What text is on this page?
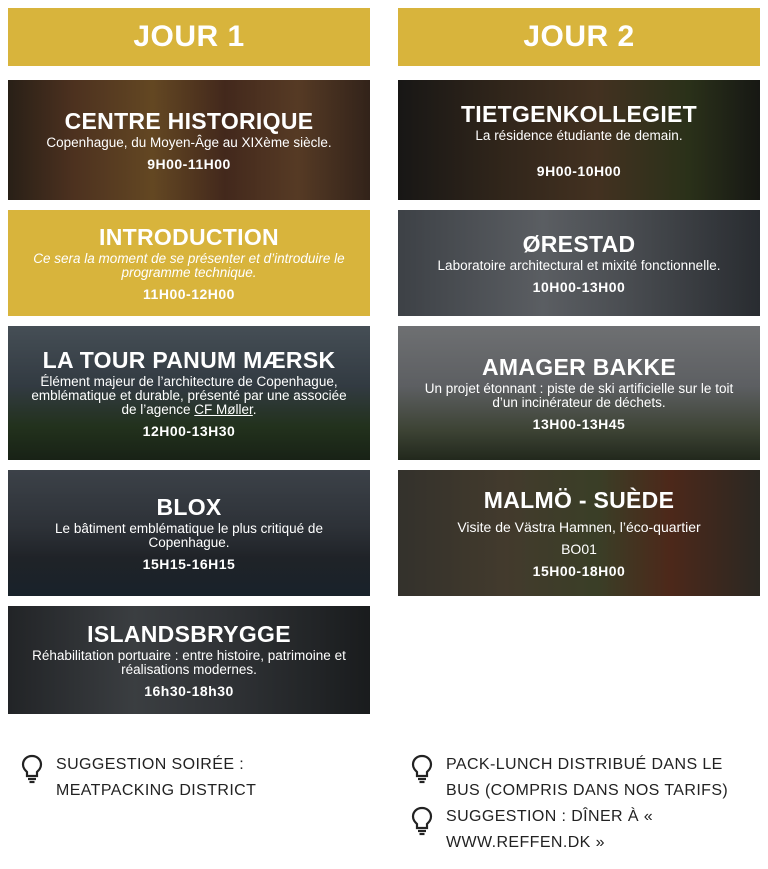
JOUR 1	JOUR 2
CENTRE HISTORIQUE
Copenhague, du Moyen-Âge au XIXème siècle.
9H00-11H00
INTRODUCTION
Ce sera la moment de se présenter et d’introduire le programme technique.
11H00-12H00
LA TOUR PANUM MÆRSK
Élément majeur de l’architecture de Copenhague, emblématique et durable, présenté par une associée de l’agence CF Møller.
12H00-13H30
BLOX
Le bâtiment emblématique le plus critiqué de Copenhague.
15H15-16H15
ISLANDSBRYGGE
Réhabilitation portuaire : entre histoire, patrimoine et réalisations modernes.
16h30-18h30
TIETGENKOLLEGIET
La résidence étudiante de demain.
9H00-10H00
ØRESTAD
Laboratoire architectural et mixité fonctionnelle.
10H00-13H00
AMAGER BAKKE
Un projet étonnant : piste de ski artificielle sur le toit d’un incinérateur de déchets.
13H00-13H45
MALMÖ - SUÈDE
Visite de Västra Hamnen, l’éco-quartier
BO01
15H00-18H00
SUGGESTION SOIRÉE :
MEATPACKING DISTRICT
PACK-LUNCH DISTRIBUÉ DANS LE
BUS (COMPRIS DANS NOS TARIFS)
SUGGESTION : DÎNER À «
WWW.REFFEN.DK »
